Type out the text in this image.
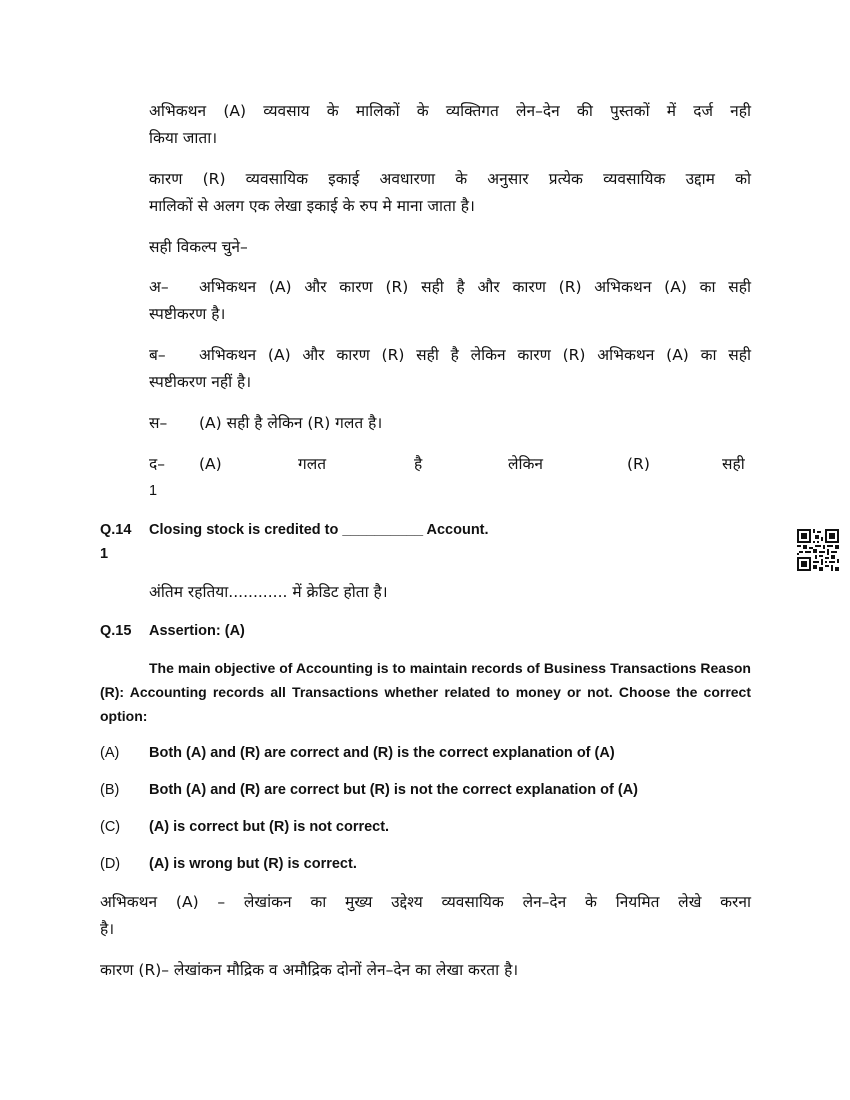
अभिकथन (A) व्यवसाय के मालिकों के व्यक्तिगत लेन–देन की पुस्तकों में दर्ज नही
किया जाता।
कारण (R) व्यवसायिक इकाई अवधारणा के अनुसार प्रत्येक व्यवसायिक उद्दाम को
मालिकों से अलग एक लेखा इकाई के रुप मे माना जाता है।
सही विकल्प चुने–
अ– अभिकथन (A) और कारण (R) सही है और कारण (R) अभिकथन (A) का सही
स्पष्टीकरण है।
ब– अभिकथन (A) और कारण (R) सही है लेकिन कारण (R) अभिकथन (A) का सही
स्पष्टीकरण नहीं है।
स– (A) सही है लेकिन (R) गलत है।
द– (A)	गलत	है	लेकिन	(R)	सही
1
Q.14
1
Closing stock is credited to __________ Account.
अंतिम रहतिया............ में क्रेडिट होता है।
Q.15 Assertion: (A)
The main objective of Accounting is to maintain records of Business Transactions Reason
(R): Accounting records all Transactions whether related to money or not. Choose the correct
option:
(A) Both (A) and (R) are correct and (R) is the correct explanation of (A)
(B) Both (A) and (R) are correct but (R) is not the correct explanation of (A)
(C) (A) is correct but (R) is not correct.
(D) (A) is wrong but (R) is correct.
अभिकथन (A) – लेखांकन का मुख्य उद्देश्य व्यवसायिक लेन–देन के नियमित लेखे करना
है।
कारण (R)– लेखांकन मौद्रिक व अमौद्रिक दोनों लेन–देन का लेखा करता है।
